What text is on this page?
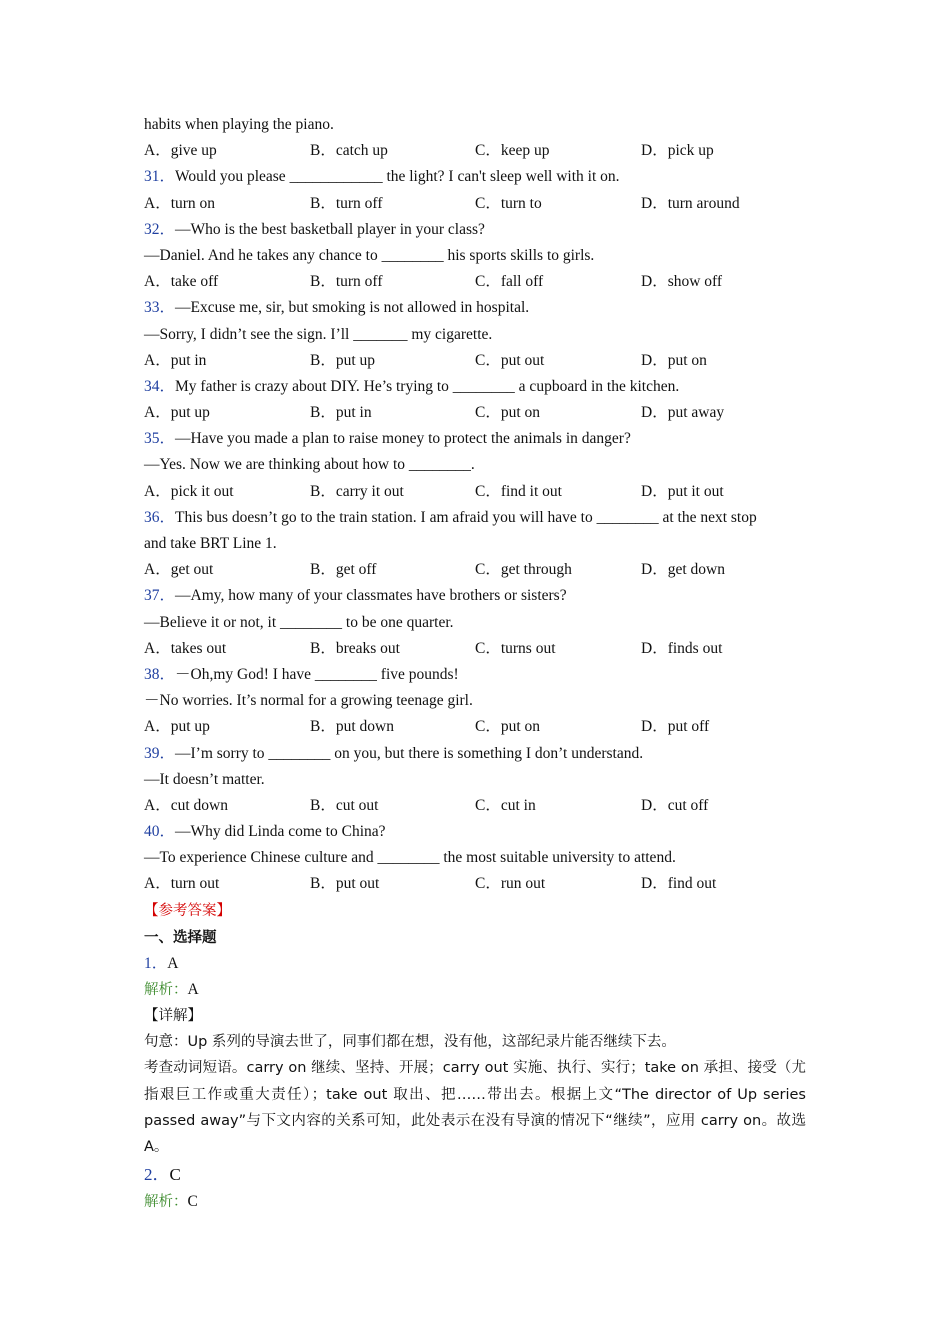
habits when playing the piano.
A．give up	B．catch up	C．keep up	D．pick up
31．Would you please ____________ the light? I can't sleep well with it on.
A．turn on	B．turn off	C．turn to	D．turn around
32．—Who is the best basketball player in your class?
—Daniel. And he takes any chance to ________ his sports skills to girls.
A．take off	B．turn off	C．fall off	D．show off
33．—Excuse me, sir, but smoking is not allowed in hospital.
—Sorry, I didn’t see the sign. I’ll _______ my cigarette.
A．put in	B．put up	C．put out	D．put on
34．My father is crazy about DIY. He’s trying to ________ a cupboard in the kitchen.
A．put up	B．put in	C．put on	D．put away
35．—Have you made a plan to raise money to protect the animals in danger?
—Yes. Now we are thinking about how to ________.
A．pick it out	B．carry it out	C．find it out	D．put it out
36．This bus doesn’t go to the train station. I am afraid you will have to ________ at the next stop
and take BRT Line 1.
A．get out	B．get off	C．get through	D．get down
37．—Amy, how many of your classmates have brothers or sisters?
—Believe it or not, it ________ to be one quarter.
A．takes out	B．breaks out	C．turns out	D．finds out
38．－Oh,my God! I have ________ five pounds!
－No worries. It’s normal for a growing teenage girl.
A．put up	B．put down	C．put on	D．put off
39．—I’m sorry to ________ on you, but there is something I don’t understand.
—It doesn’t matter.
A．cut down	B．cut out	C．cut in	D．cut off
40．—Why did Linda come to China?
—To experience Chinese culture and ________ the most suitable university to attend.
A．turn out	B．put out	C．run out	D．find out
【参考答案】
一、选择题
1．A
解析：A
【详解】
句意：Up 系列的导演去世了，同事们都在想，没有他，这部纪录片能否继续下去。
考查动词短语。carry on 继续、坚持、开展；carry out 实施、执行、实行；take on 承担、接受（尤指艰巨工作或重大责任）；take out 取出、把……带出去。根据上文“The director of Up series passed away”与下文内容的关系可知，此处表示在没有导演的情况下“继续”，应用 carry on。故选 A。
2．C
解析：C
